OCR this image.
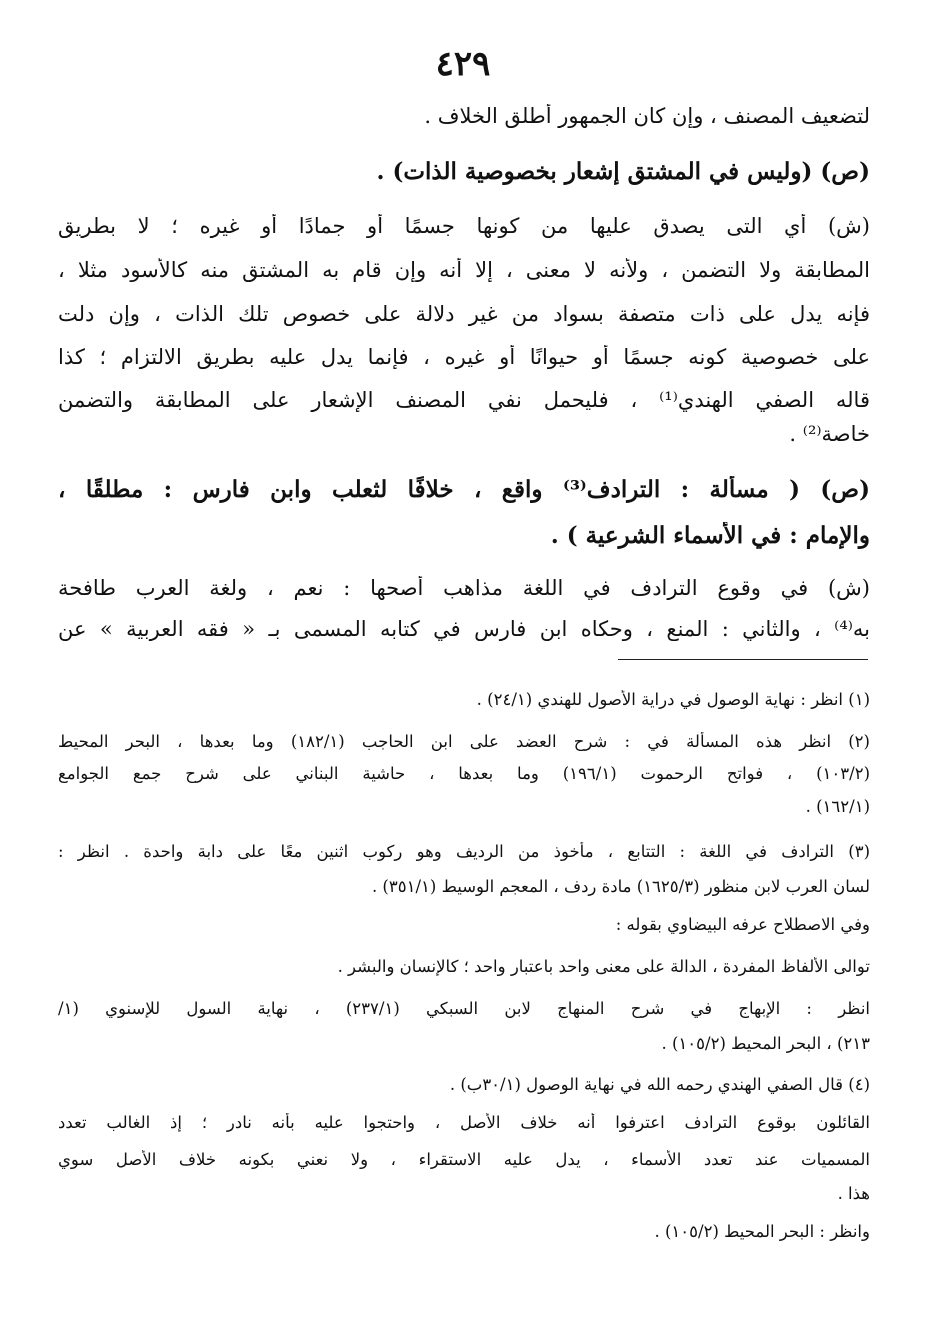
٤٢٩
لتضعيف المصنف ، وإن كان الجمهور أطلق الخلاف .
(ص) (وليس في المشتق إشعار بخصوصية الذات) .
(ش) أي التى يصدق عليها من كونها جسمًا أو جمادًا أو غيره ؛ لا بطريق
المطابقة ولا التضمن ، ولأنه لا معنى ، إلا أنه وإن قام به المشتق منه كالأسود مثلا ،
فإنه يدل على ذات متصفة بسواد من غير دلالة على خصوص تلك الذات ، وإن دلت
على خصوصية كونه جسمًا أو حيوانًا أو غيره ، فإنما يدل عليه بطريق الالتزام ؛ كذا
قاله الصفي الهندي⁽¹⁾ ، فليحمل نفي المصنف الإشعار على المطابقة والتضمن
خاصة⁽²⁾ .
(ص) ( مسألة : الترادف⁽³⁾ واقع ، خلافًا لثعلب وابن فارس : مطلقًا ،
والإمام : في الأسماء الشرعية ) .
(ش) في وقوع الترادف في اللغة مذاهب أصحها : نعم ، ولغة العرب طافحة
به⁽⁴⁾ ، والثاني : المنع ، وحكاه ابن فارس في كتابه المسمى بـ « فقه العربية » عن
(١) انظر : نهاية الوصول في دراية الأصول للهندي (٢٤/١) .
(٢) انظر هذه المسألة في : شرح العضد على ابن الحاجب (١٨٢/١) وما بعدها ، البحر المحيط
(١٠٣/٢) ، فواتح الرحموت (١٩٦/١) وما بعدها ، حاشية البناني على شرح جمع الجوامع
(١٦٢/١) .
(٣) الترادف في اللغة : التتابع ، مأخوذ من الرديف وهو ركوب اثنين معًا على دابة واحدة . انظر :
لسان العرب لابن منظور (١٦٢٥/٣) مادة ردف ، المعجم الوسيط (٣٥١/١) .
وفي الاصطلاح عرفه البيضاوي بقوله :
توالى الألفاظ المفردة ، الدالة على معنى واحد باعتبار واحد ؛ كالإنسان والبشر .
انظر : الإبهاج في شرح المنهاج لابن السبكي (٢٣٧/١) ، نهاية السول للإسنوي (١/
٢١٣) ، البحر المحيط (١٠٥/٢) .
(٤) قال الصفي الهندي رحمه الله في نهاية الوصول (٣٠/١ب) .
القائلون بوقوع الترادف اعترفوا أنه خلاف الأصل ، واحتجوا عليه بأنه نادر ؛ إذ الغالب تعدد
المسميات عند تعدد الأسماء ، يدل عليه الاستقراء ، ولا نعني بكونه خلاف الأصل سوي
هذا .
وانظر : البحر المحيط (١٠٥/٢) .
